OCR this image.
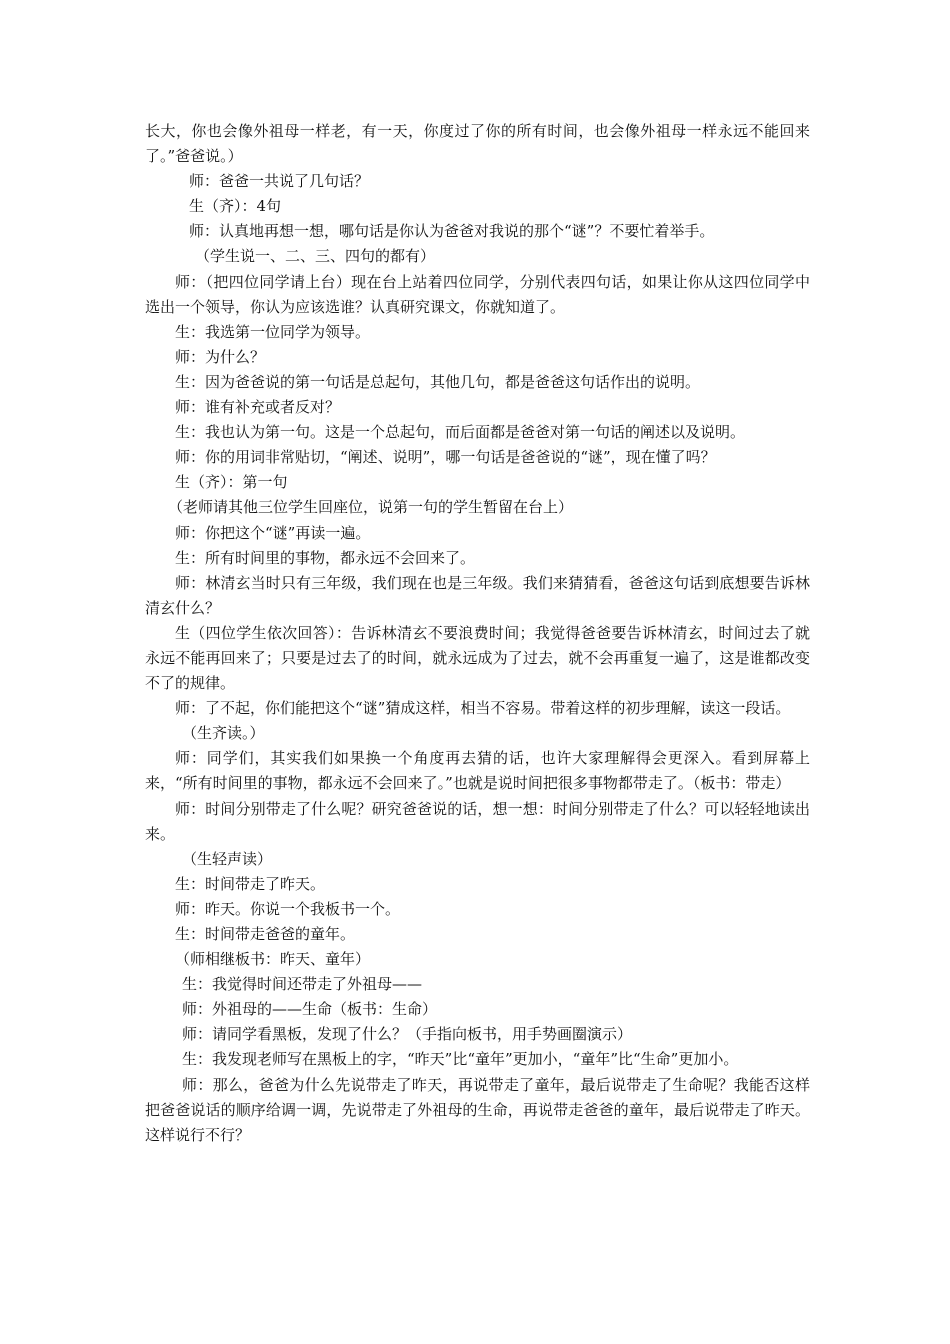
长大，你也会像外祖母一样老，有一天，你度过了你的所有时间，也会像外祖母一样永远不能回来了。”爸爸说。）

师：爸爸一共说了几句话？

生（齐）：4句

师：认真地再想一想，哪句话是你认为爸爸对我说的那个“谜”？不要忙着举手。

（学生说一、二、三、四句的都有）

师：（把四位同学请上台）现在台上站着四位同学，分别代表四句话，如果让你从这四位同学中选出一个领导，你认为应该选谁？认真研究课文，你就知道了。

生：我选第一位同学为领导。

师：为什么？

生：因为爸爸说的第一句话是总起句，其他几句，都是爸爸这句话作出的说明。

师：谁有补充或者反对？

生：我也认为第一句。这是一个总起句，而后面都是爸爸对第一句话的阐述以及说明。

师：你的用词非常贴切，“阐述、说明”，哪一句话是爸爸说的“谜”，现在懂了吗？

生（齐）：第一句

（老师请其他三位学生回座位，说第一句的学生暂留在台上）

师：你把这个“谜”再读一遍。

生：所有时间里的事物，都永远不会回来了。

师：林清玄当时只有三年级，我们现在也是三年级。我们来猜猜看，爸爸这句话到底想要告诉林清玄什么？

生（四位学生依次回答）：告诉林清玄不要浪费时间；我觉得爸爸要告诉林清玄，时间过去了就永远不能再回来了；只要是过去了的时间，就永远成为了过去，就不会再重复一遍了，这是谁都改变不了的规律。

师：了不起，你们能把这个“谜”猜成这样，相当不容易。带着这样的初步理解，读这一段话。

（生齐读。）

师：同学们，其实我们如果换一个角度再去猜的话，也许大家理解得会更深入。看到屏幕上来，“所有时间里的事物，都永远不会回来了。”也就是说时间把很多事物都带走了。（板书：带走）

师：时间分别带走了什么呢？研究爸爸说的话，想一想：时间分别带走了什么？可以轻轻地读出来。

（生轻声读）

生：时间带走了昨天。

师：昨天。你说一个我板书一个。

生：时间带走爸爸的童年。

（师相继板书：昨天、童年）

生：我觉得时间还带走了外祖母——

师：外祖母的——生命（板书：生命）

师：请同学看黑板，发现了什么？（手指向板书，用手势画圈演示）

生：我发现老师写在黑板上的字，“昨天”比“童年”更加小，“童年”比“生命”更加小。

师：那么，爸爸为什么先说带走了昨天，再说带走了童年，最后说带走了生命呢？我能否这样把爸爸说话的顺序给调一调，先说带走了外祖母的生命，再说带走爸爸的童年，最后说带走了昨天。这样说行不行？
